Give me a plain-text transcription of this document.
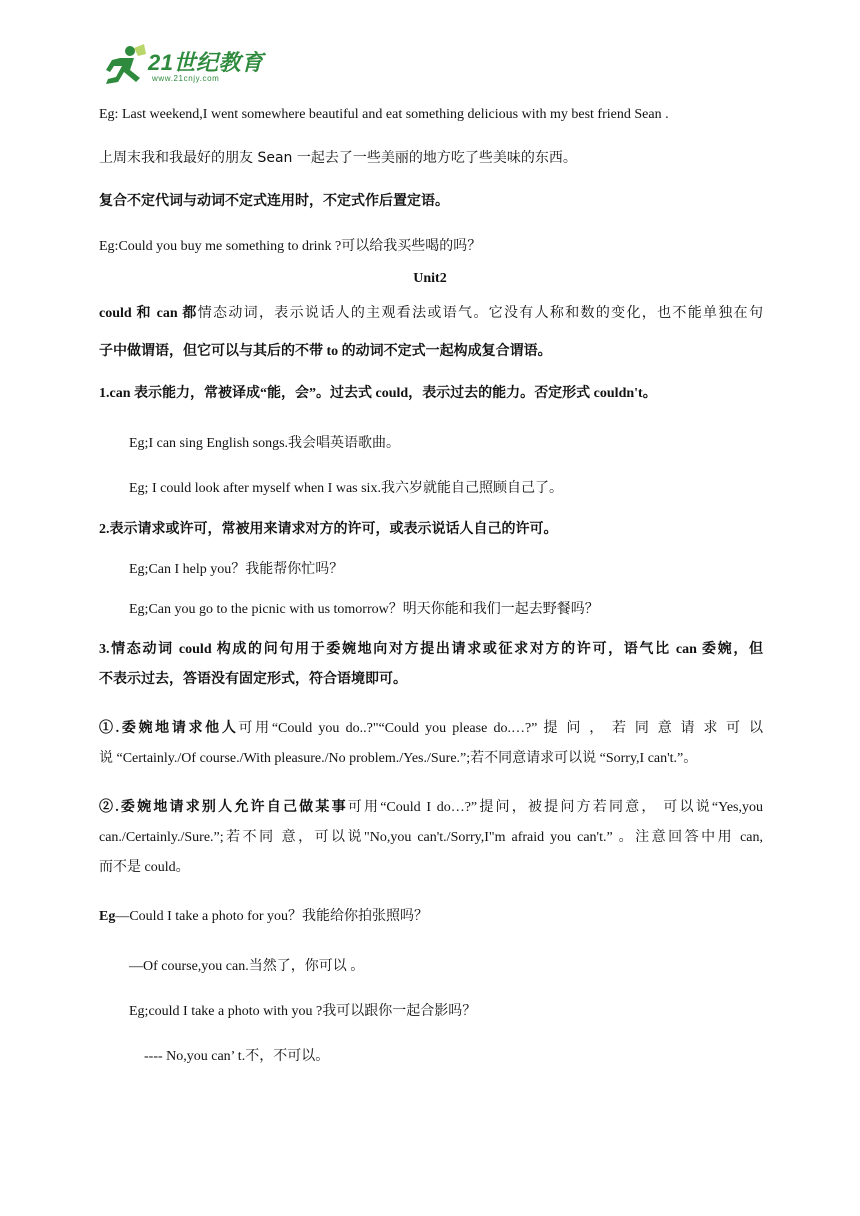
21世纪教育
www.21cnjy.com
Eg: Last weekend,I went somewhere beautiful and eat something delicious with my best friend Sean .
上周末我和我最好的朋友 Sean 一起去了一些美丽的地方吃了些美味的东西。
复合不定代词与动词不定式连用时，不定式作后置定语。
Eg:Could you buy me something to drink ?可以给我买些喝的吗？
Unit2
could 和 can 都情态动词，表示说话人的主观看法或语气。它没有人称和数的变化，也不能单独在句
子中做谓语，但它可以与其后的不带 to 的动词不定式一起构成复合谓语。
1.can 表示能力，常被译成“能，会”。过去式 could，表示过去的能力。否定形式 couldn't。
Eg;I can sing English songs.我会唱英语歌曲。
Eg; I could look after myself when I was six.我六岁就能自己照顾自己了。
2.表示请求或许可，常被用来请求对方的许可，或表示说话人自己的许可。
Eg;Can I help you？我能帮你忙吗？
Eg;Can you go to the picnic with us tomorrow？明天你能和我们一起去野餐吗？
3.情态动词 could 构成的问句用于委婉地向对方提出请求或征求对方的许可，语气比 can 委婉，但
不表示过去，答语没有固定形式，符合语境即可。
①.委婉地请求他人可用“Could you do..?"“Could you please do.…?” 提 问 ， 若 同 意 请 求 可 以
说 “Certainly./Of course./With pleasure./No problem./Yes./Sure.”;若不同意请求可以说 “Sorry,I can't.”。
②.委婉地请求别人允许自己做某事可用“Could I do…?”提问，被提问方若同意， 可以说“Yes,you
can./Certainly./Sure.”;若不同 意，可以说"No,you can't./Sorry,I"m afraid you can't.” 。注意回答中用 can,
而不是 could。
Eg—Could I take a photo for you？我能给你拍张照吗？
—Of course,you can.当然了，你可以 。
Eg;could I take a photo with you ?我可以跟你一起合影吗？
---- No,you can’ t.不，不可以。
